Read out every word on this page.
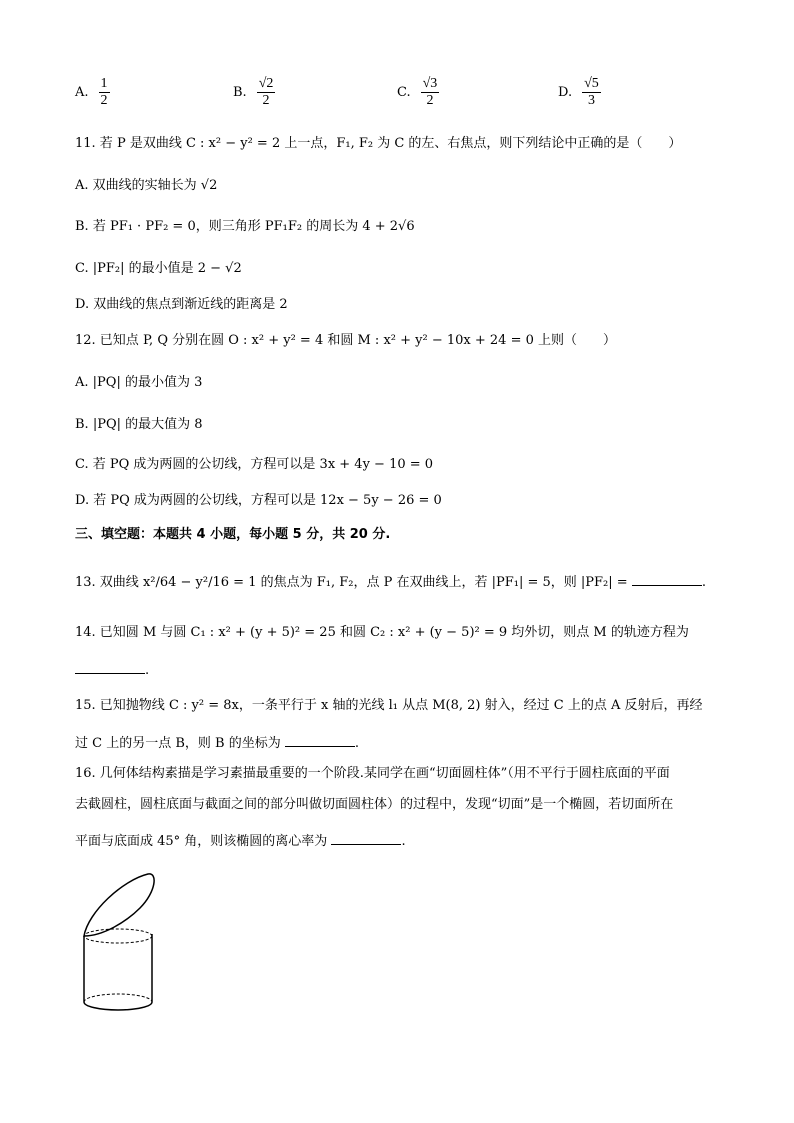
A. $\frac{1}{2}$	B. $\frac{√2}{2}$	C. $\frac{√3}{2}$	D. $\frac{√5}{3}$
11. 若 P 是双曲线 C : x² − y² = 2 上一点，F₁, F₂ 为 C 的左、右焦点，则下列结论中正确的是（　　）
A. 双曲线的实轴长为 √2
B. 若 PF₁ · PF₂ = 0，则三角形 PF₁F₂ 的周长为 4 + 2√6
C. |PF₂| 的最小值是 2 − √2
D. 双曲线的焦点到渐近线的距离是 2
12. 已知点 P, Q 分别在圆 O : x² + y² = 4 和圆 M : x² + y² − 10x + 24 = 0 上则（　　）
A. |PQ| 的最小值为 3
B. |PQ| 的最大值为 8
C. 若 PQ 成为两圆的公切线，方程可以是 3x + 4y − 10 = 0
D. 若 PQ 成为两圆的公切线，方程可以是 12x − 5y − 26 = 0
三、填空题：本题共 4 小题，每小题 5 分，共 20 分.
13. 双曲线 x²/64 − y²/16 = 1 的焦点为 F₁, F₂，点 P 在双曲线上，若 |PF₁| = 5，则 |PF₂| =	.
14. 已知圆 M 与圆 C₁ : x² + (y + 5)² = 25 和圆 C₂ : x² + (y − 5)² = 9 均外切，则点 M 的轨迹方程为
.
15. 已知抛物线 C : y² = 8x，一条平行于 x 轴的光线 l₁ 从点 M(8, 2) 射入，经过 C 上的点 A 反射后，再经
过 C 上的另一点 B，则 B 的坐标为	.
16. 几何体结构素描是学习素描最重要的一个阶段.某同学在画“切面圆柱体”（用不平行于圆柱底面的平面
去截圆柱，圆柱底面与截面之间的部分叫做切面圆柱体）的过程中，发现“切面”是一个椭圆，若切面所在
平面与底面成 45° 角，则该椭圆的离心率为	.
